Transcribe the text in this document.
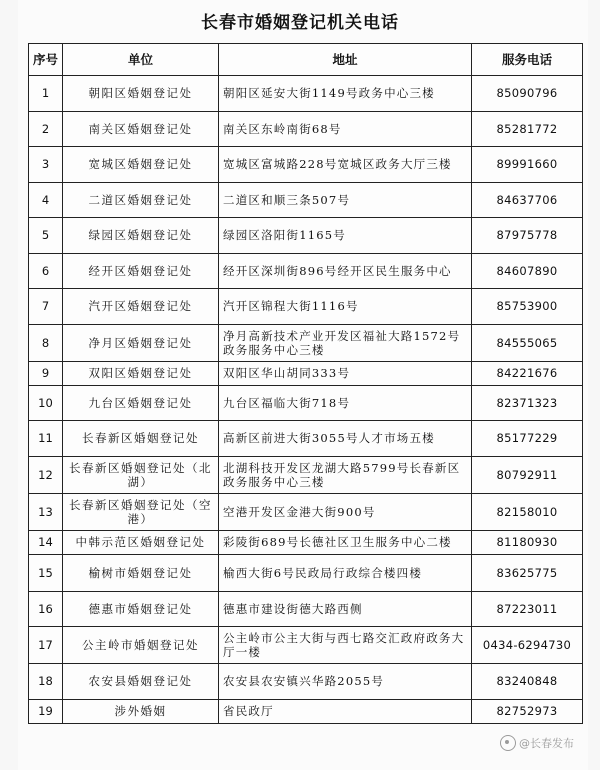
长春市婚姻登记机关电话
序号	单位	地址	服务电话
1	朝阳区婚姻登记处	朝阳区延安大街1149号政务中心三楼	85090796
2	南关区婚姻登记处	南关区东岭南街68号	85281772
3	宽城区婚姻登记处	宽城区富城路228号宽城区政务大厅三楼	89991660
4	二道区婚姻登记处	二道区和顺三条507号	84637706
5	绿园区婚姻登记处	绿园区洛阳街1165号	87975778
6	经开区婚姻登记处	经开区深圳街896号经开区民生服务中心	84607890
7	汽开区婚姻登记处	汽开区锦程大街1116号	85753900
8	净月区婚姻登记处	净月高新技术产业开发区福祉大路1572号政务服务中心三楼	84555065
9	双阳区婚姻登记处	双阳区华山胡同333号	84221676
10	九台区婚姻登记处	九台区福临大街718号	82371323
11	长春新区婚姻登记处	高新区前进大街3055号人才市场五楼	85177229
12	长春新区婚姻登记处（北湖）	北湖科技开发区龙湖大路5799号长春新区政务服务中心三楼	80792911
13	长春新区婚姻登记处（空港）	空港开发区金港大街900号	82158010
14	中韩示范区婚姻登记处	彩陵街689号长德社区卫生服务中心二楼	81180930
15	榆树市婚姻登记处	榆西大街6号民政局行政综合楼四楼	83625775
16	德惠市婚姻登记处	德惠市建设街德大路西侧	87223011
17	公主岭市婚姻登记处	公主岭市公主大街与西七路交汇政府政务大厅一楼	0434-6294730
18	农安县婚姻登记处	农安县农安镇兴华路2055号	83240848
19	涉外婚姻	省民政厅	82752973
@长春发布
